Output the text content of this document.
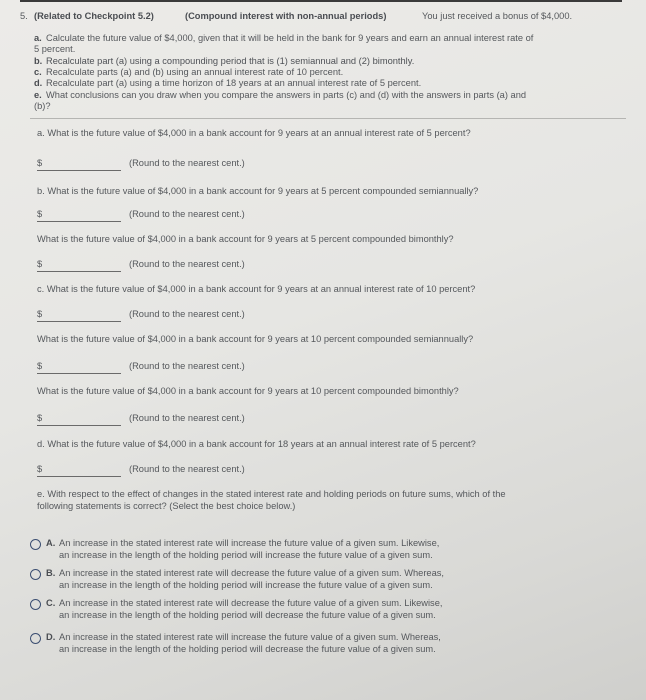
5. (Related to Checkpoint 5.2)	(Compound interest with non-annual periods)	You just received a bonus of $4,000.
a. Calculate the future value of $4,000, given that it will be held in the bank for 9 years and earn an annual interest rate of
5 percent.
b. Recalculate part (a) using a compounding period that is (1) semiannual and (2) bimonthly.
c. Recalculate parts (a) and (b) using an annual interest rate of 10 percent.
d. Recalculate part (a) using a time horizon of 18 years at an annual interest rate of 5 percent.
e. What conclusions can you draw when you compare the answers in parts (c) and (d) with the answers in parts (a) and
(b)?
a. What is the future value of $4,000 in a bank account for 9 years at an annual interest rate of 5 percent?
$	(Round to the nearest cent.)
b. What is the future value of $4,000 in a bank account for 9 years at 5 percent compounded semiannually?
$	(Round to the nearest cent.)
What is the future value of $4,000 in a bank account for 9 years at 5 percent compounded bimonthly?
$	(Round to the nearest cent.)
c. What is the future value of $4,000 in a bank account for 9 years at an annual interest rate of 10 percent?
$	(Round to the nearest cent.)
What is the future value of $4,000 in a bank account for 9 years at 10 percent compounded semiannually?
$	(Round to the nearest cent.)
What is the future value of $4,000 in a bank account for 9 years at 10 percent compounded bimonthly?
$	(Round to the nearest cent.)
d. What is the future value of $4,000 in a bank account for 18 years at an annual interest rate of 5 percent?
$	(Round to the nearest cent.)
e. With respect to the effect of changes in the stated interest rate and holding periods on future sums, which of the
following statements is correct? (Select the best choice below.)
A. An increase in the stated interest rate will increase the future value of a given sum. Likewise,
an increase in the length of the holding period will increase the future value of a given sum.
B. An increase in the stated interest rate will decrease the future value of a given sum. Whereas,
an increase in the length of the holding period will increase the future value of a given sum.
C. An increase in the stated interest rate will decrease the future value of a given sum. Likewise,
an increase in the length of the holding period will decrease the future value of a given sum.
D. An increase in the stated interest rate will increase the future value of a given sum. Whereas,
an increase in the length of the holding period will decrease the future value of a given sum.
